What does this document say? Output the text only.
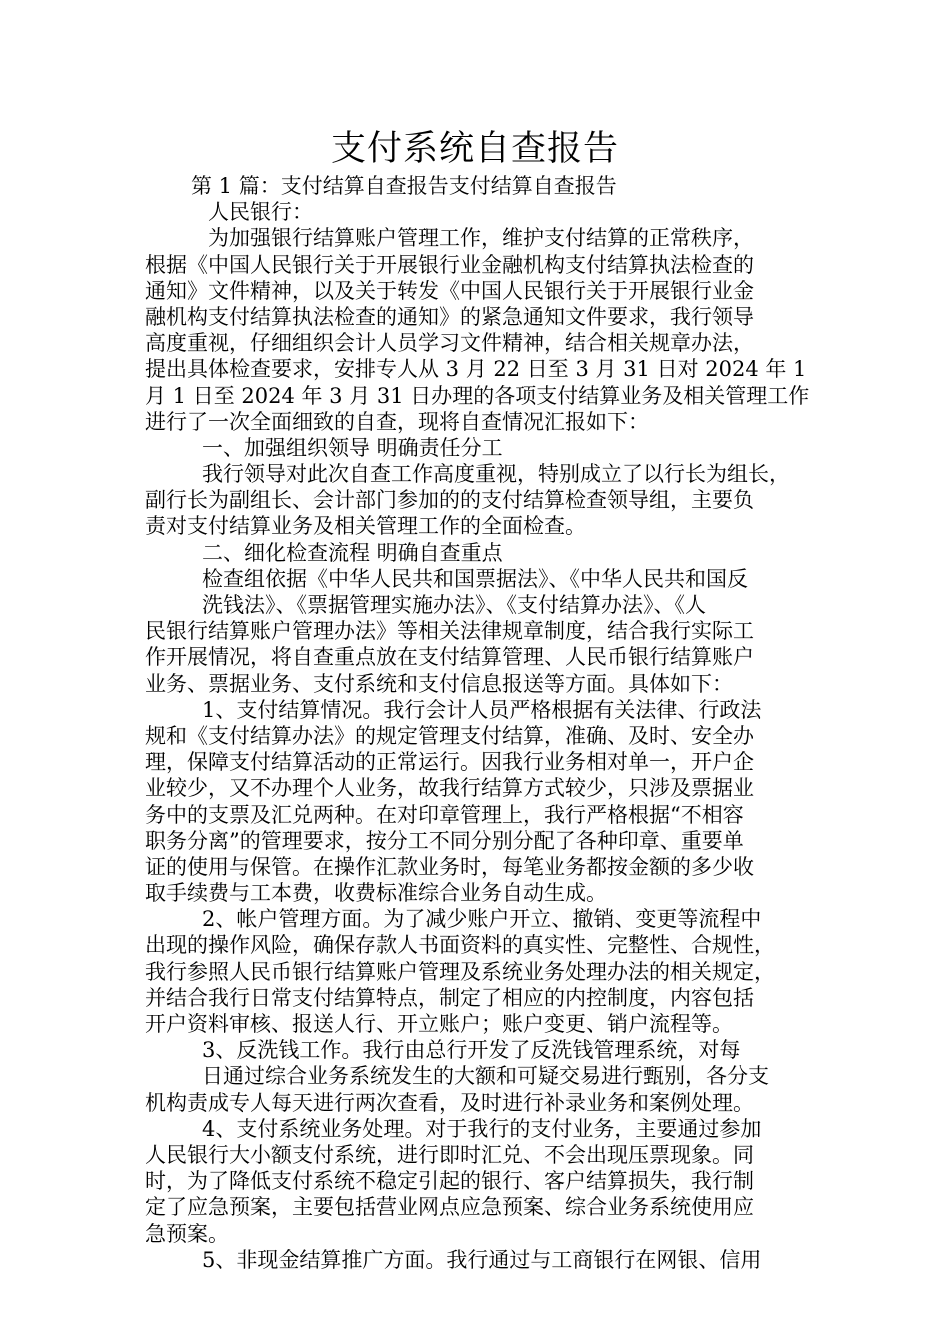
支付系统自查报告
第 1 篇：支付结算自查报告支付结算自查报告
人民银行：
为加强银行结算账户管理工作，维护支付结算的正常秩序，
根据《中国人民银行关于开展银行业金融机构支付结算执法检查的
通知》文件精神，以及关于转发《中国人民银行关于开展银行业金
融机构支付结算执法检查的通知》的紧急通知文件要求，我行领导
高度重视，仔细组织会计人员学习文件精神，结合相关规章办法，
提出具体检查要求，安排专人从 3 月 22 日至 3 月 31 日对 2024 年 1
月 1 日至 2024 年 3 月 31 日办理的各项支付结算业务及相关管理工作
进行了一次全面细致的自查，现将自查情况汇报如下：
一、加强组织领导 明确责任分工
我行领导对此次自查工作高度重视，特别成立了以行长为组长，
副行长为副组长、会计部门参加的的支付结算检查领导组，主要负
责对支付结算业务及相关管理工作的全面检查。
二、细化检查流程 明确自查重点
检查组依据《中华人民共和国票据法》、《中华人民共和国反
洗钱法》、《票据管理实施办法》、《支付结算办法》、《人
民银行结算账户管理办法》等相关法律规章制度，结合我行实际工
作开展情况，将自查重点放在支付结算管理、人民币银行结算账户
业务、票据业务、支付系统和支付信息报送等方面。具体如下：
1、支付结算情况。我行会计人员严格根据有关法律、行政法
规和《支付结算办法》的规定管理支付结算，准确、及时、安全办
理，保障支付结算活动的正常运行。因我行业务相对单一，开户企
业较少，又不办理个人业务，故我行结算方式较少，只涉及票据业
务中的支票及汇兑两种。在对印章管理上，我行严格根据“不相容
职务分离”的管理要求，按分工不同分别分配了各种印章、重要单
证的使用与保管。在操作汇款业务时，每笔业务都按金额的多少收
取手续费与工本费，收费标准综合业务自动生成。
2、帐户管理方面。为了减少账户开立、撤销、变更等流程中
出现的操作风险，确保存款人书面资料的真实性、完整性、合规性，
我行参照人民币银行结算账户管理及系统业务处理办法的相关规定，
并结合我行日常支付结算特点，制定了相应的内控制度，内容包括
开户资料审核、报送人行、开立账户；账户变更、销户流程等。
3、反洗钱工作。我行由总行开发了反洗钱管理系统，对每
日通过综合业务系统发生的大额和可疑交易进行甄别，各分支
机构责成专人每天进行两次查看，及时进行补录业务和案例处理。
4、支付系统业务处理。对于我行的支付业务，主要通过参加
人民银行大小额支付系统，进行即时汇兑、不会出现压票现象。同
时，为了降低支付系统不稳定引起的银行、客户结算损失，我行制
定了应急预案，主要包括营业网点应急预案、综合业务系统使用应
急预案。
5、非现金结算推广方面。我行通过与工商银行在网银、信用
